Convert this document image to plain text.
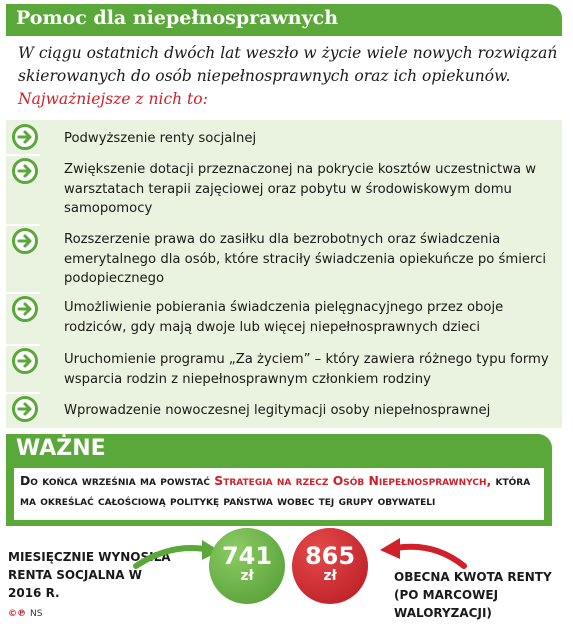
Pomoc dla niepełnosprawnych

W ciągu ostatnich dwóch lat weszło w życie wiele nowych rozwiązań skierowanych do osób niepełnosprawnych oraz ich opiekunów.

Najważniejsze z nich to:

Podwyższenie renty socjalnej

Zwiększenie dotacji przeznaczonej na pokrycie kosztów uczestnictwa w warsztatach terapii zajęciowej oraz pobytu w środowiskowym domu samopomocy

Rozszerzenie prawa do zasiłku dla bezrobotnych oraz świadczenia emerytalnego dla osób, które straciły świadczenia opiekuńcze po śmierci podopiecznego

Umożliwienie pobierania świadczenia pielęgnacyjnego przez oboje rodziców, gdy mają dwoje lub więcej niepełnosprawnych dzieci

Uruchomienie programu „Za życiem” – który zawiera różnego typu formy wsparcia rodzin z niepełnosprawnym członkiem rodziny

Wprowadzenie nowoczesnej legitymacji osoby niepełnosprawnej

WAŻNE

Do końca września ma powstać Strategia na rzecz Osób Niepełnosprawnych, która ma określać całościową politykę państwa wobec tej grupy obywateli

MIESIĘCZNIE WYNOSIŁA RENTA SOCJALNA W 2016 R.

741
zł
865
zł	OBECNA KWOTA RENTY (PO MARCOWEJ WALORYZACJI)

©℗ NS
